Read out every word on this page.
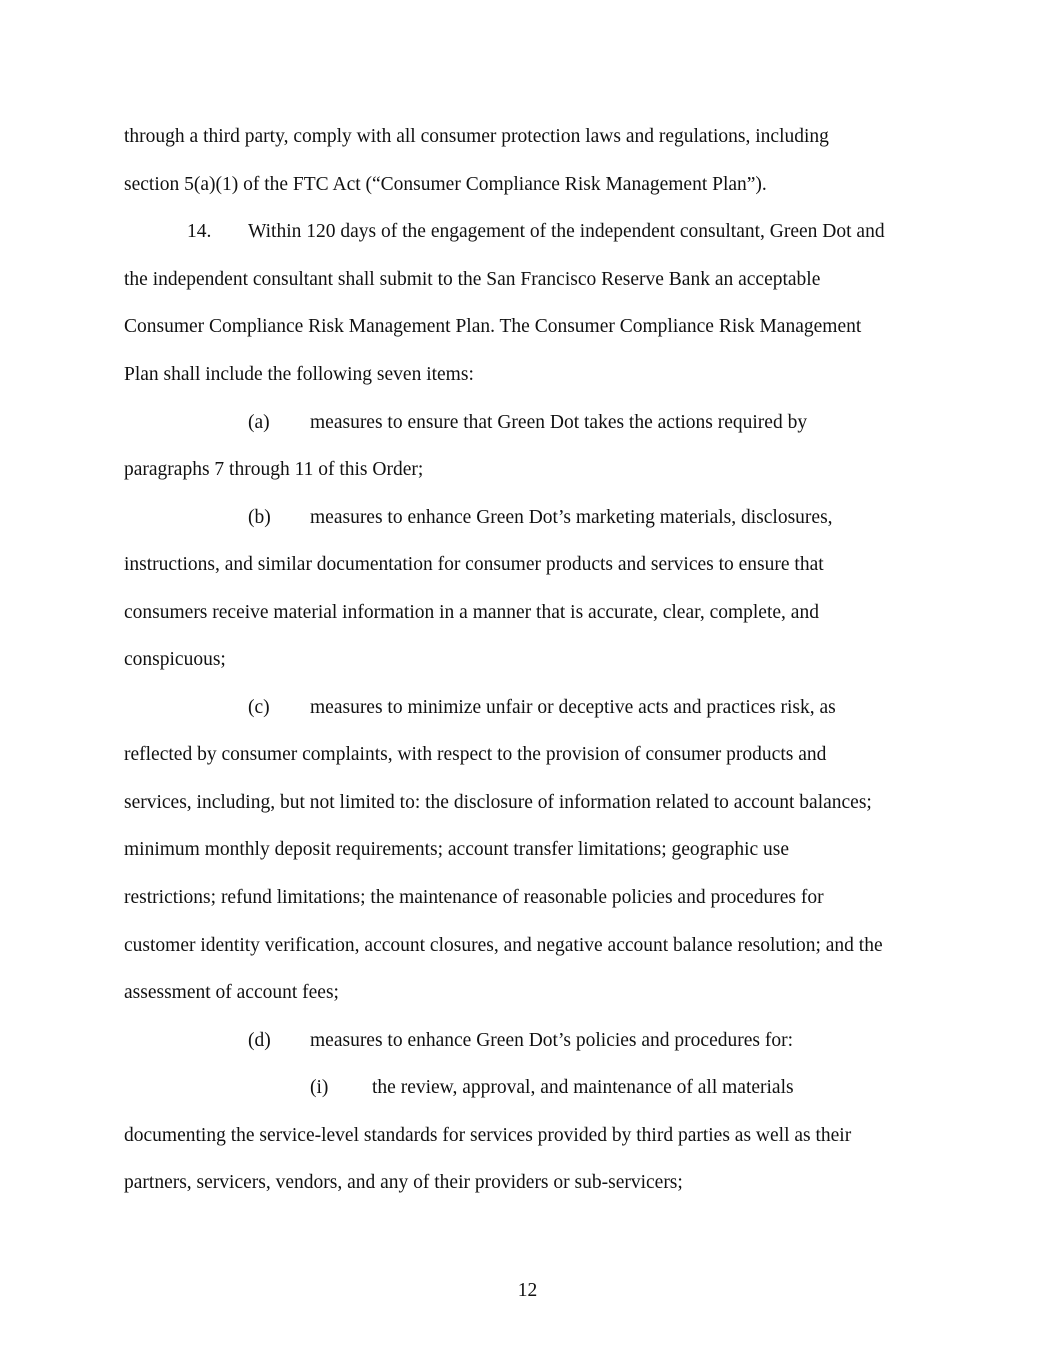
through a third party, comply with all consumer protection laws and regulations, including
section 5(a)(1) of the FTC Act (“Consumer Compliance Risk Management Plan”).
14. Within 120 days of the engagement of the independent consultant, Green Dot and
the independent consultant shall submit to the San Francisco Reserve Bank an acceptable
Consumer Compliance Risk Management Plan. The Consumer Compliance Risk Management
Plan shall include the following seven items:
(a) measures to ensure that Green Dot takes the actions required by
paragraphs 7 through 11 of this Order;
(b) measures to enhance Green Dot’s marketing materials, disclosures,
instructions, and similar documentation for consumer products and services to ensure that
consumers receive material information in a manner that is accurate, clear, complete, and
conspicuous;
(c) measures to minimize unfair or deceptive acts and practices risk, as
reflected by consumer complaints, with respect to the provision of consumer products and
services, including, but not limited to: the disclosure of information related to account balances;
minimum monthly deposit requirements; account transfer limitations; geographic use
restrictions; refund limitations; the maintenance of reasonable policies and procedures for
customer identity verification, account closures, and negative account balance resolution; and the
assessment of account fees;
(d) measures to enhance Green Dot’s policies and procedures for:
(i) the review, approval, and maintenance of all materials
documenting the service-level standards for services provided by third parties as well as their
partners, servicers, vendors, and any of their providers or sub-servicers;
12
